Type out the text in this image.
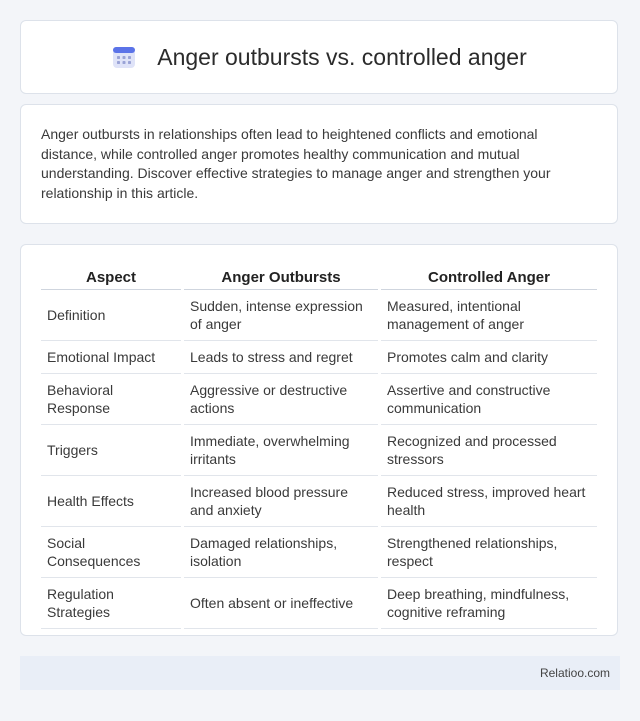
Anger outbursts vs. controlled anger

Anger outbursts in relationships often lead to heightened conflicts and emotional distance, while controlled anger promotes healthy communication and mutual understanding. Discover effective strategies to manage anger and strengthen your relationship in this article.

Aspect	Anger Outbursts	Controlled Anger
Definition	Sudden, intense expression of anger	Measured, intentional management of anger
Emotional Impact	Leads to stress and regret	Promotes calm and clarity
Behavioral Response	Aggressive or destructive actions	Assertive and constructive communication
Triggers	Immediate, overwhelming irritants	Recognized and processed stressors
Health Effects	Increased blood pressure and anxiety	Reduced stress, improved heart health
Social Consequences	Damaged relationships, isolation	Strengthened relationships, respect
Regulation Strategies	Often absent or ineffective	Deep breathing, mindfulness, cognitive reframing
Relatioo.com
